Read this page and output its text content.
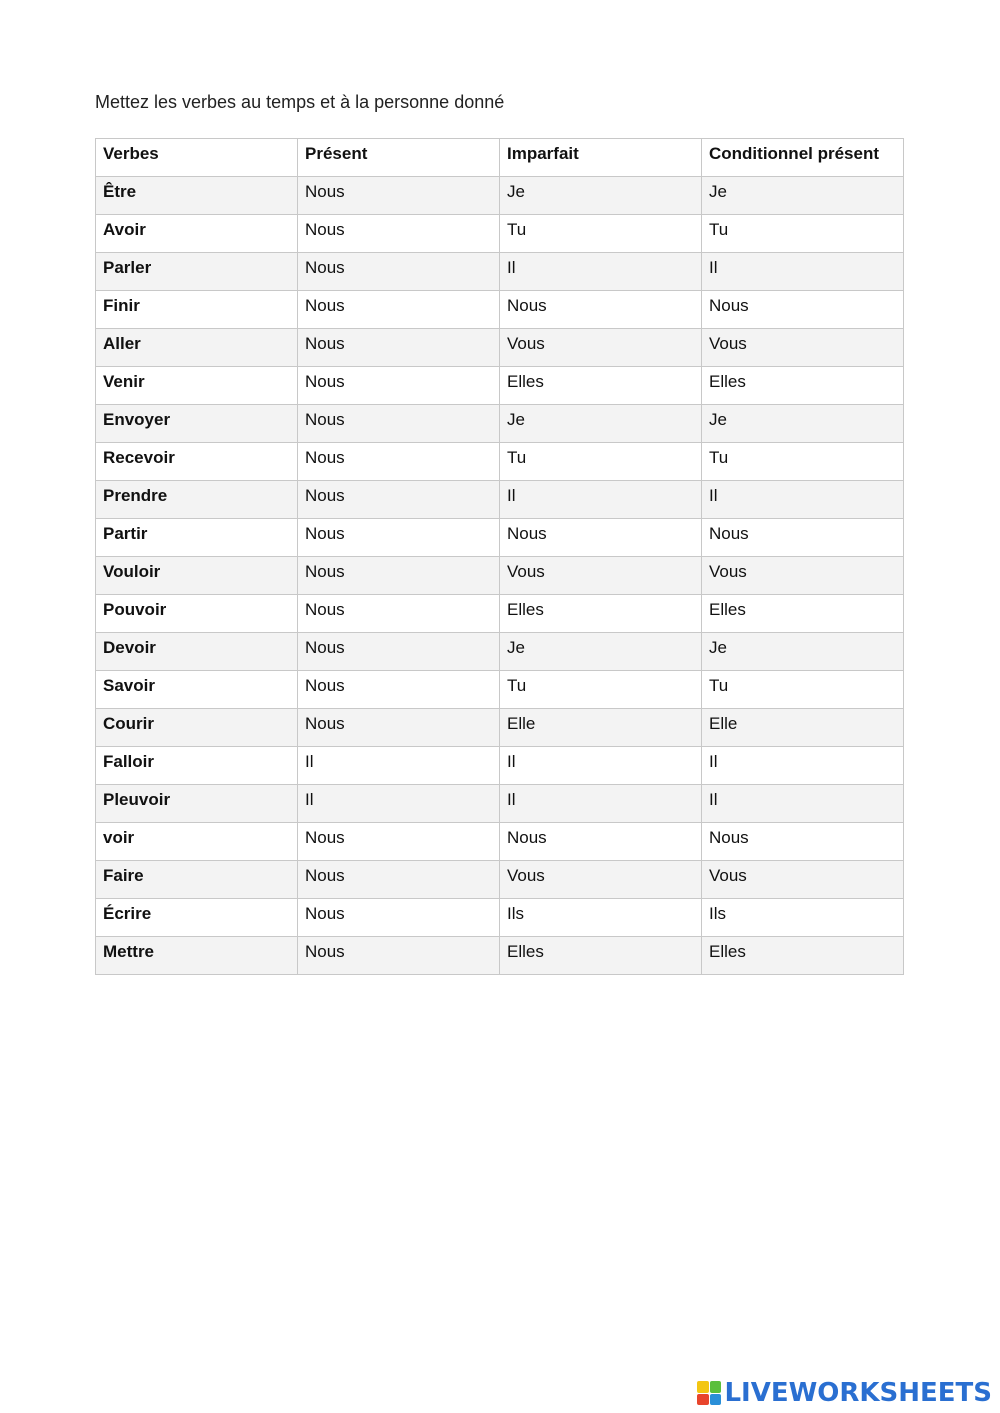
Mettez les verbes au temps et à la personne donné
Verbes	Présent	Imparfait	Conditionnel présent
Être	Nous	Je	Je
Avoir	Nous	Tu	Tu
Parler	Nous	Il	Il
Finir	Nous	Nous	Nous
Aller	Nous	Vous	Vous
Venir	Nous	Elles	Elles
Envoyer	Nous	Je	Je
Recevoir	Nous	Tu	Tu
Prendre	Nous	Il	Il
Partir	Nous	Nous	Nous
Vouloir	Nous	Vous	Vous
Pouvoir	Nous	Elles	Elles
Devoir	Nous	Je	Je
Savoir	Nous	Tu	Tu
Courir	Nous	Elle	Elle
Falloir	Il	Il	Il
Pleuvoir	Il	Il	Il
voir	Nous	Nous	Nous
Faire	Nous	Vous	Vous
Écrire	Nous	Ils	Ils
Mettre	Nous	Elles	Elles
LIVEWORKSHEETS
